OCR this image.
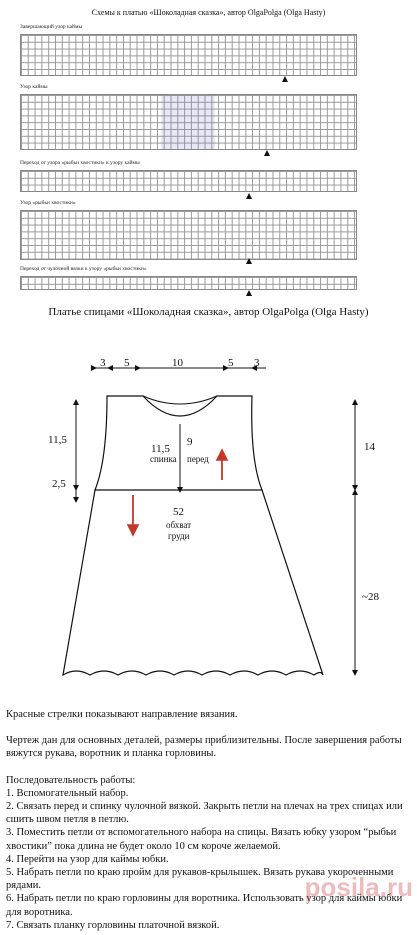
Схемы к платью «Шоколадная сказка», автор OlgaPolga (Olga Hasty)
Завершающий узор каймы
Узор каймы
Переход от узора «рыбьи хвостики» к узору каймы
Узор «рыбьи хвостики»
Переход от чулочной вязки к узору «рыбьи хвостики»
Платье спицами «Шоколадная сказка», автор OlgaPolga (Olga Hasty)
3 5	10	5 3
11,5
2,5
11,5
спинка
9
перед
52
обхват
груди
14
~28

Красные стрелки показывают направление вязания.

Чертеж дан для основных деталей, размеры приблизительны. После завершения работы вяжутся рукава, воротник и планка горловины.

Последовательность работы:

1. Вспомогательный набор.

2. Связать перед и спинку чулочной вязкой. Закрыть петли на плечах на трех спицах или сшить швом петля в петлю.

3. Поместить петли от вспомогательного набора на спицы. Вязать юбку узором “рыбьи хвостики” пока длина не будет около 10 см короче желаемой.

4. Перейти на узор для каймы юбки.

5. Набрать петли по краю пройм для рукавов-крылышек. Вязать рукава укороченными рядами.

6. Набрать петли по краю горловины для воротника. Использовать узор для каймы юбки для воротника.

7. Связать планку горловины платочной вязкой.

posila.ru
